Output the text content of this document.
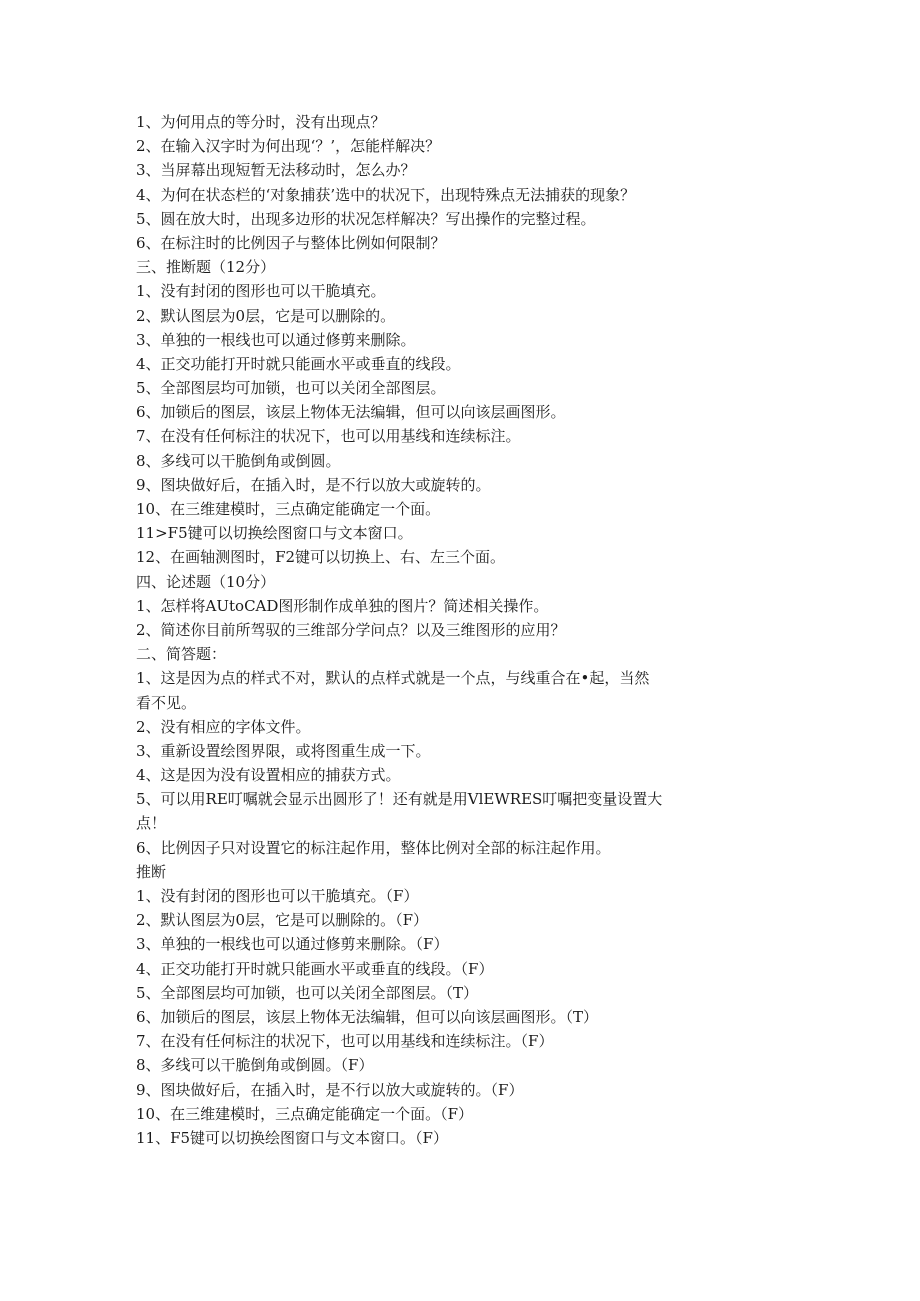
1、为何用点的等分时，没有出现点？
2、在输入汉字时为何出现‘？’，怎能样解决？
3、当屏幕出现短暂无法移动时，怎么办？
4、为何在状态栏的‘对象捕获’选中的状况下，出现特殊点无法捕获的现象？
5、圆在放大时，出现多边形的状况怎样解决？写出操作的完整过程。
6、在标注时的比例因子与整体比例如何限制？
三、推断题（12分）
1、没有封闭的图形也可以干脆填充。
2、默认图层为0层，它是可以删除的。
3、单独的一根线也可以通过修剪来删除。
4、正交功能打开时就只能画水平或垂直的线段。
5、全部图层均可加锁，也可以关闭全部图层。
6、加锁后的图层，该层上物体无法编辑，但可以向该层画图形。
7、在没有任何标注的状况下，也可以用基线和连续标注。
8、多线可以干脆倒角或倒圆。
9、图块做好后，在插入时，是不行以放大或旋转的。
10、在三维建模时，三点确定能确定一个面。
11>F5键可以切换绘图窗口与文本窗口。
12、在画轴测图时，F2键可以切换上、右、左三个面。
四、论述题（10分）
1、怎样将AUtoCAD图形制作成单独的图片？简述相关操作。
2、简述你目前所驾驭的三维部分学问点？以及三维图形的应用？
二、简答题：
1、这是因为点的样式不对，默认的点样式就是一个点，与线重合在•起，当然
看不见。
2、没有相应的字体文件。
3、重新设置绘图界限，或将图重生成一下。
4、这是因为没有设置相应的捕获方式。
5、可以用RE叮嘱就会显示出圆形了！还有就是用VlEWRES叮嘱把变量设置大
点！
6、比例因子只对设置它的标注起作用，整体比例对全部的标注起作用。
推断
1、没有封闭的图形也可以干脆填充。（F）
2、默认图层为0层，它是可以删除的。（F）
3、单独的一根线也可以通过修剪来删除。（F）
4、正交功能打开时就只能画水平或垂直的线段。（F）
5、全部图层均可加锁，也可以关闭全部图层。（T）
6、加锁后的图层，该层上物体无法编辑，但可以向该层画图形。（T）
7、在没有任何标注的状况下，也可以用基线和连续标注。（F）
8、多线可以干脆倒角或倒圆。（F）
9、图块做好后，在插入时，是不行以放大或旋转的。（F）
10、在三维建模时，三点确定能确定一个面。（F）
11、F5键可以切换绘图窗口与文本窗口。（F）
